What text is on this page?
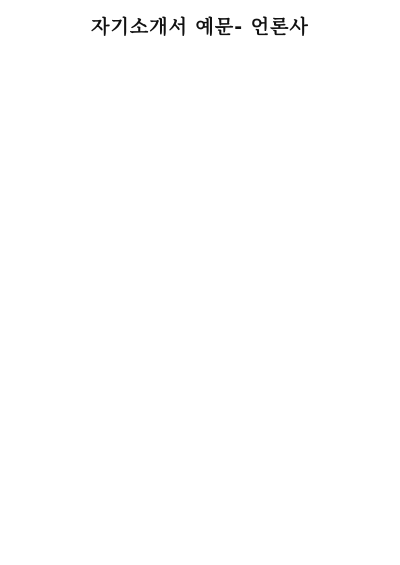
자기소개서 예문- 언론사
